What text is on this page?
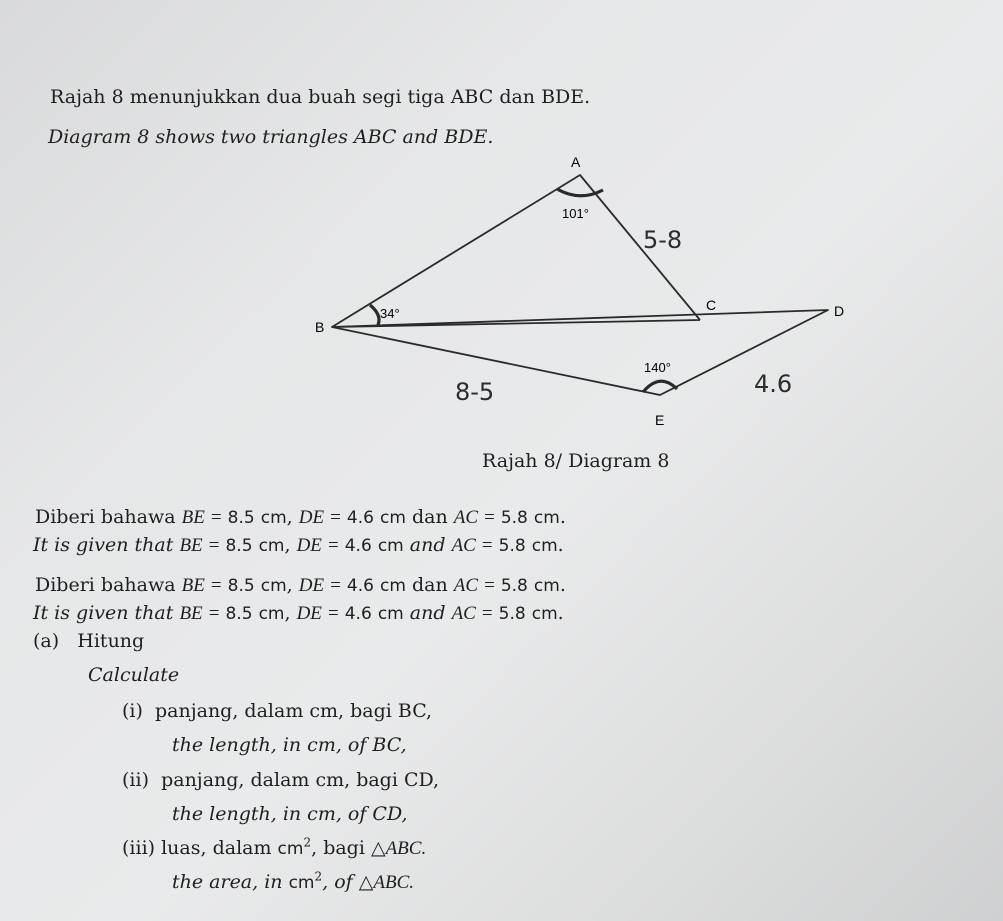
Rajah 8 menunjukkan dua buah segi tiga ABC dan BDE.
Diagram 8 shows two triangles ABC and BDE.
A
B
C	D
E
101°
34°
140°
5-8
8-5	4.6
Rajah 8/ Diagram 8
Diberi bahawa BE = 8.5 cm, DE = 4.6 cm dan AC = 5.8 cm.
It is given that BE = 8.5 cm, DE = 4.6 cm and AC = 5.8 cm.
Diberi bahawa BE = 8.5 cm, DE = 4.6 cm dan AC = 5.8 cm.
It is given that BE = 8.5 cm, DE = 4.6 cm and AC = 5.8 cm.
(a) Hitung
Calculate
(i) panjang, dalam cm, bagi BC,
the length, in cm, of BC,
(ii) panjang, dalam cm, bagi CD,
the length, in cm, of CD,
(iii) luas, dalam $cm^2$, bagi △ABC.
the area, in $cm^2$, of △ABC.
